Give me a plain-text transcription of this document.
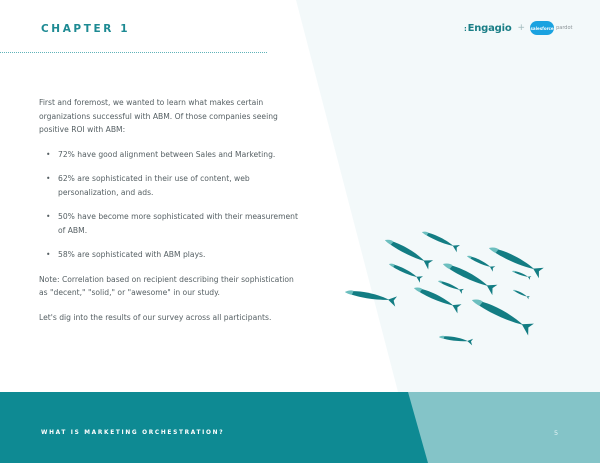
CHAPTER 1	:Engagio + salesforce pardot

First and foremost, we wanted to learn what makes certain organizations successful with ABM. Of those companies seeing positive ROI with ABM:

• 72% have good alignment between Sales and Marketing.
• 62% are sophisticated in their use of content, web personalization, and ads.
• 50% have become more sophisticated with their measurement of ABM.
• 58% are sophisticated with ABM plays.

Note: Correlation based on recipient describing their sophistication as "decent," "solid," or "awesome" in our study.

Let's dig into the results of our survey across all participants.

WHAT IS MARKETING ORCHESTRATION?	5
